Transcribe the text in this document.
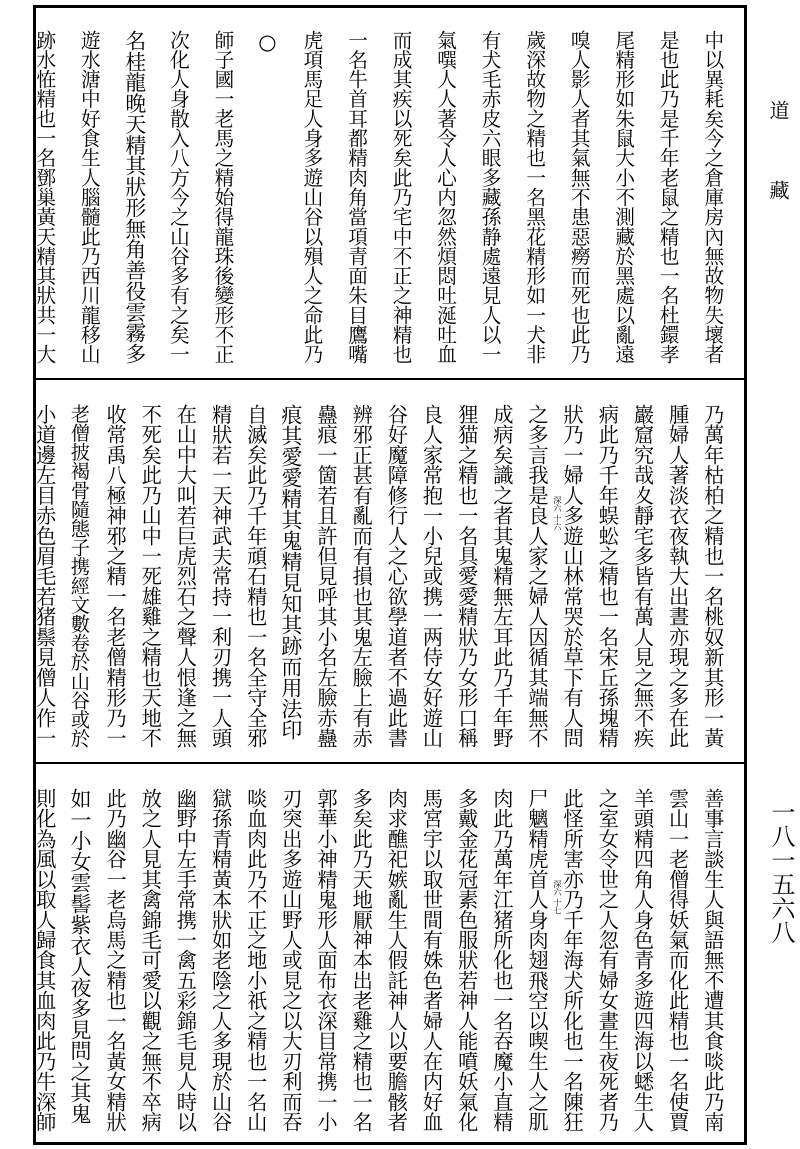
中以異耗矣今之倉庫房內無故物失壞者
是也此乃是千年老鼠之精也一名杜鐶孝
尾精形如朱鼠大小不測藏於黑處以亂遠
嗅人影人者其氣無不患惡癆而死也此乃
歲深故物之精也一名黑花精形如一犬非
有犬毛赤皮六眼多藏孫静處遠見人以一
氣噀人人著令人心内忽然煩悶吐涎吐血
而成其疾以死矣此乃宅中不正之神精也
一名牛首耳都精肉角當項青面朱目鷹嘴
虎項馬足人身多遊山谷以殞人之命此乃
○
師子國一老馬之精始得龍珠後變形不正
次化人身散入八方今之山谷多有之矣一
名桂龍晚天精其狀形無角善役雲霧多
遊水溏中好食生人腦髓此乃西川龍移山
跡水恠精也一名鄧巢黃天精其狀共一大
乃萬年枯柏之精也一名桃奴新其形一黃
腫婦人著淡衣夜執大出晝亦現之多在此
巖窟究哉夊靜宅多皆有萬人見之無不疾
病此乃千年蜈蚣之精也一名宋丘孫塊精
狀乃一婦人多遊山林常哭於草下有人問
之多言我是良人家之婦人因循其端無不
成病矣識之者其鬼精無左耳此乃千年野
狸猫之精也一名具愛愛精狀乃女形口稱
良人家常抱一小兒或携一两侍女好遊山
谷好魔障修行人之心欲學道者不過此書
辨邪正甚有亂而有損也其鬼左臉上有赤
蠱痕一箇若且許但見呼其小名左臉赤蠱
痕其愛愛精其鬼精見知其跡而用法印
自滅矣此乃千年頑石精也一名全守全邪
精狀若一天神武夫常持一利刃携一人頭
在山中大叫若巨虎烈石之聲人恨逢之無
不死矣此乃山中一死雄雞之精也天地不
收常禹八極神邪之精一名老僧精形乃一
老僧披褐骨隨態子携經文數卷於山谷或於
小道邊左目赤色眉毛若猪鬃見僧人作一	深六 十六
善事言談生人與語無不遭其食啖此乃南
雲山一老僧得妖氣而化此精也一名使賈
羊頭精四角人身色青多遊四海以蟋生人
之室女令世之人忽有婦女晝生夜死者乃
此怪所害亦乃千年海犬所化也一名陳狂
尸魑精虎首人身肉翅飛空以喫生人之肌
肉此乃萬年江猪所化也一名吞魔小直精
多戴金花冠素色服狀若神人能噴妖氣化
馬宮宇以取世間有姝色者婦人在内好血
肉求醮祀嫉亂生人假託神人以要膽骸者
多矣此乃天地厭神本出老雞之精也一名
郭華小神精鬼形人面布衣深目常携一小
刃突出多遊山野人或見之以大刃利而吞
啖血肉此乃不正之地小祇之精也一名山
獄孫青精黃本狀如老陰之人多現於山谷
幽野中左手常携一禽五彩錦毛見人時以
放之人見其禽錦毛可愛以觀之無不卒病
此乃幽谷一老烏馬之精也一名黃女精狀
如一小女雲髻紫衣人夜多見問之其鬼
則化為風以取人歸食其血肉此乃牛深師	深六 十七
道
藏
一八一五六八
